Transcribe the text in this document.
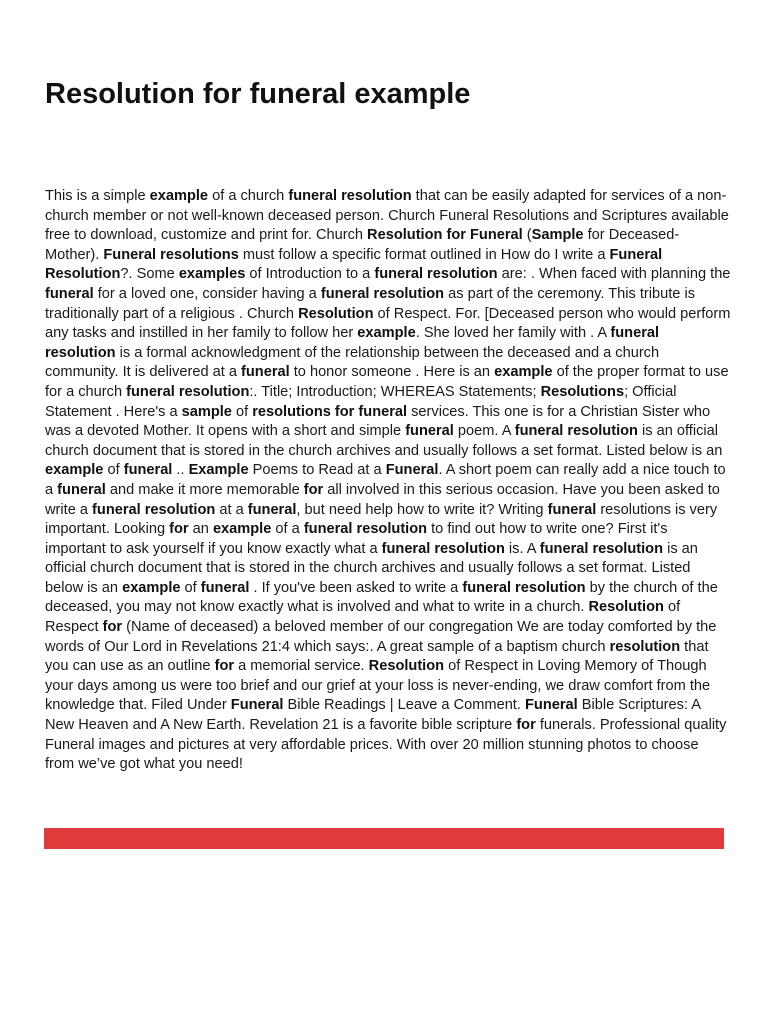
Resolution for funeral example

This is a simple example of a church funeral resolution that can be easily adapted for services of a non-church member or not well-known deceased person. Church Funeral Resolutions and Scriptures available free to download, customize and print for. Church Resolution for Funeral (Sample for Deceased- Mother). Funeral resolutions must follow a specific format outlined in How do I write a Funeral Resolution?. Some examples of Introduction to a funeral resolution are: . When faced with planning the funeral for a loved one, consider having a funeral resolution as part of the ceremony. This tribute is traditionally part of a religious . Church Resolution of Respect. For. [Deceased person who would perform any tasks and instilled in her family to follow her example. She loved her family with . A funeral resolution is a formal acknowledgment of the relationship between the deceased and a church community. It is delivered at a funeral to honor someone . Here is an example of the proper format to use for a church funeral resolution:. Title; Introduction; WHEREAS Statements; Resolutions; Official Statement . Here's a sample of resolutions for funeral services. This one is for a Christian Sister who was a devoted Mother. It opens with a short and simple funeral poem. A funeral resolution is an official church document that is stored in the church archives and usually follows a set format. Listed below is an example of funeral .. Example Poems to Read at a Funeral. A short poem can really add a nice touch to a funeral and make it more memorable for all involved in this serious occasion. Have you been asked to write a funeral resolution at a funeral, but need help how to write it? Writing funeral resolutions is very important. Looking for an example of a funeral resolution to find out how to write one? First it's important to ask yourself if you know exactly what a funeral resolution is. A funeral resolution is an official church document that is stored in the church archives and usually follows a set format. Listed below is an example of funeral . If you've been asked to write a funeral resolution by the church of the deceased, you may not know exactly what is involved and what to write in a church. Resolution of Respect for (Name of deceased) a beloved member of our congregation We are today comforted by the words of Our Lord in Revelations 21:4 which says:. A great sample of a baptism church resolution that you can use as an outline for a memorial service. Resolution of Respect in Loving Memory of Though your days among us were too brief and our grief at your loss is never-ending, we draw comfort from the knowledge that. Filed Under Funeral Bible Readings | Leave a Comment. Funeral Bible Scriptures: A New Heaven and A New Earth. Revelation 21 is a favorite bible scripture for funerals. Professional quality Funeral images and pictures at very affordable prices. With over 20 million stunning photos to choose from we’ve got what you need!
